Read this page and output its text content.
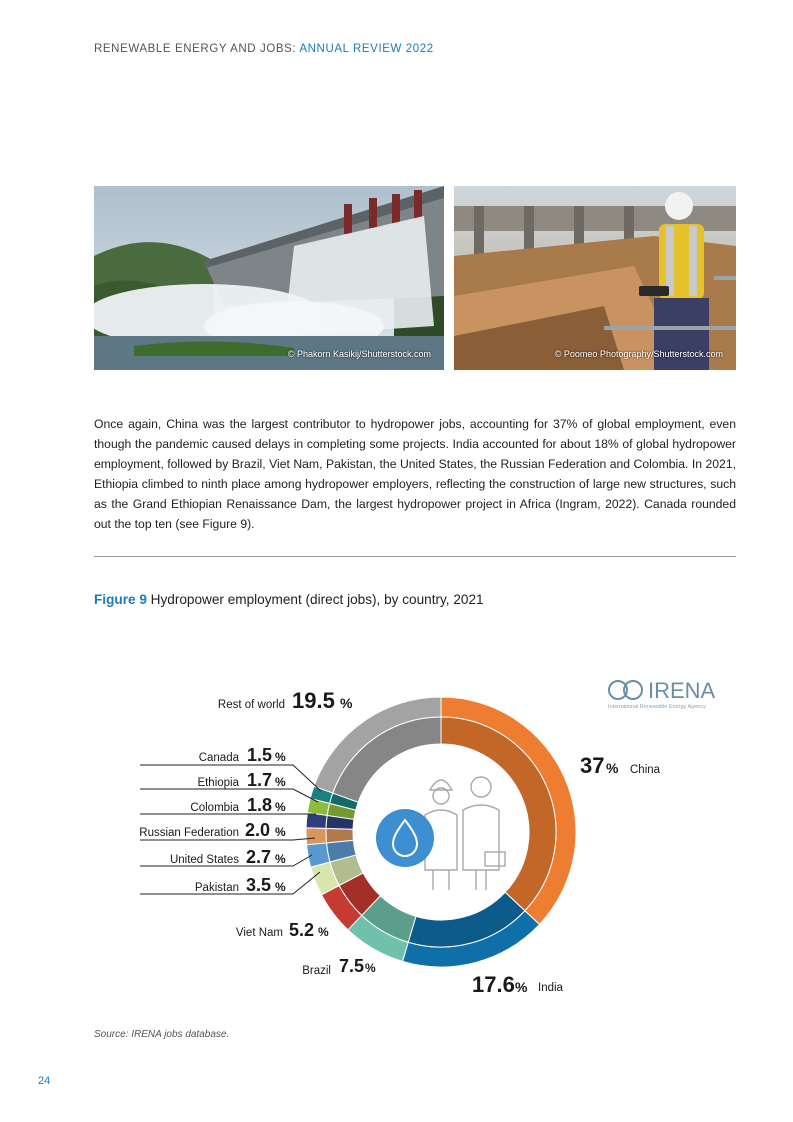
RENEWABLE ENERGY AND JOBS: ANNUAL REVIEW 2022
© Phakorn Kasikij/Shutterstock.com	© Poomeo Photography/Shutterstock.com
Once again, China was the largest contributor to hydropower jobs, accounting for 37% of global employment, even though the pandemic caused delays in completing some projects. India accounted for about 18% of global hydropower employment, followed by Brazil, Viet Nam, Pakistan, the United States, the Russian Federation and Colombia. In 2021, Ethiopia climbed to ninth place among hydropower employers, reflecting the construction of large new structures, such as the Grand Ethiopian Renaissance Dam, the largest hydropower project in Africa (Ingram, 2022). Canada rounded out the top ten (see Figure 9).
Figure 9 Hydropower employment (direct jobs), by country, 2021
Rest of world 19.5 %
Canada 1.5 %
Ethiopia 1.7 %
Colombia 1.8 %
Russian Federation 2.0 %
United States 2.7 %
Pakistan 3.5 %
Viet Nam 5.2 %
Brazil 7.5 %
17.6 % India
37 % China
IRENA
International Renewable Energy Agency
Source: IRENA jobs database.
24
